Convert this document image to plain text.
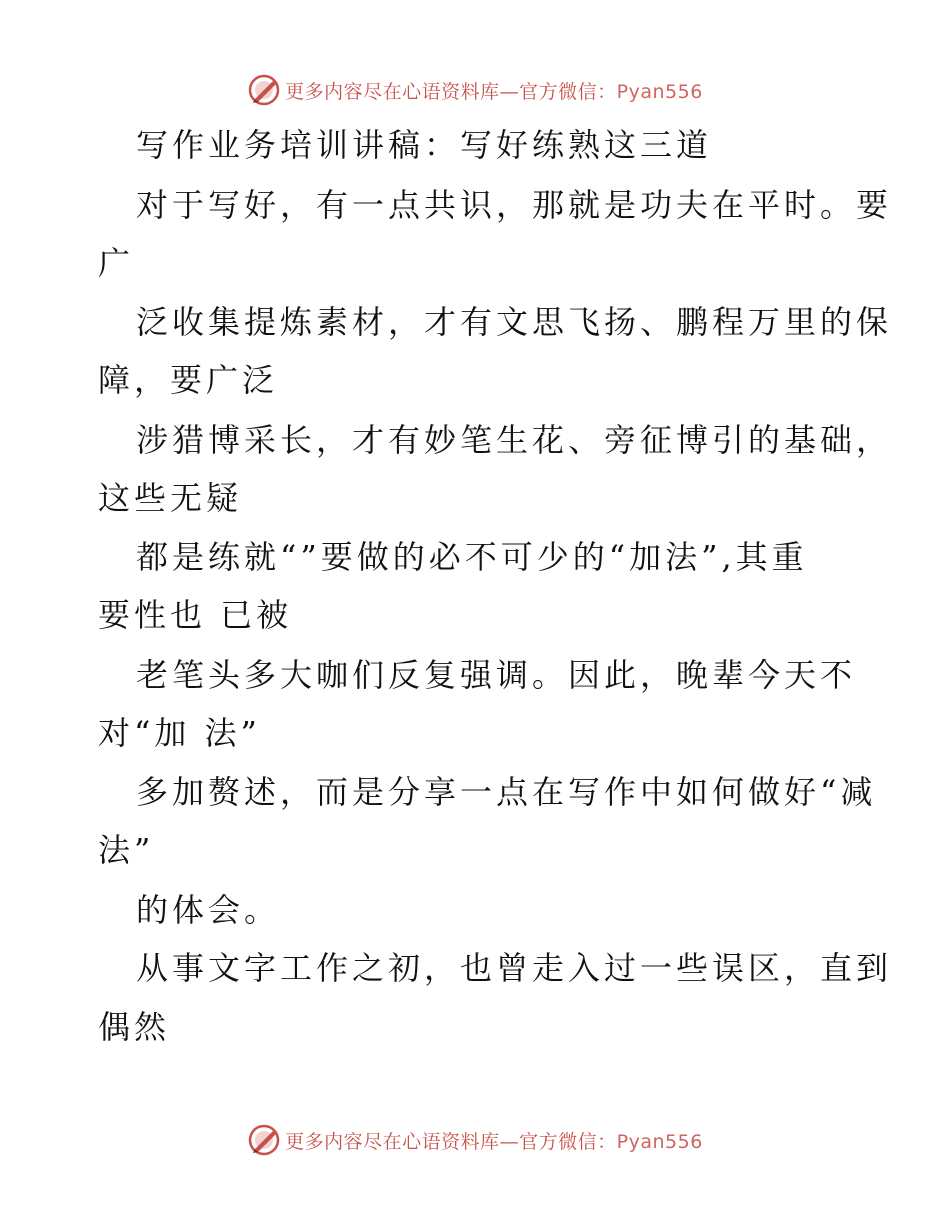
更多内容尽在心语资料库—官方微信：Pyan556
写作业务培训讲稿：写好练熟这三道
对于写好，有一点共识，那就是功夫在平时。要
广
泛收集提炼素材，才有文思飞扬、鹏程万里的保
障，要广泛
涉猎博采长，才有妙笔生花、旁征博引的基础，
这些无疑
都是练就“”要做的必不可少的“加法”,其重
要性也 已被
老笔头多大咖们反复强调。因此，晚辈今天不
对“加 法”
多加赘述，而是分享一点在写作中如何做好“减
法”
的体会。
从事文字工作之初，也曾走入过一些误区，直到
偶然
更多内容尽在心语资料库—官方微信：Pyan556
